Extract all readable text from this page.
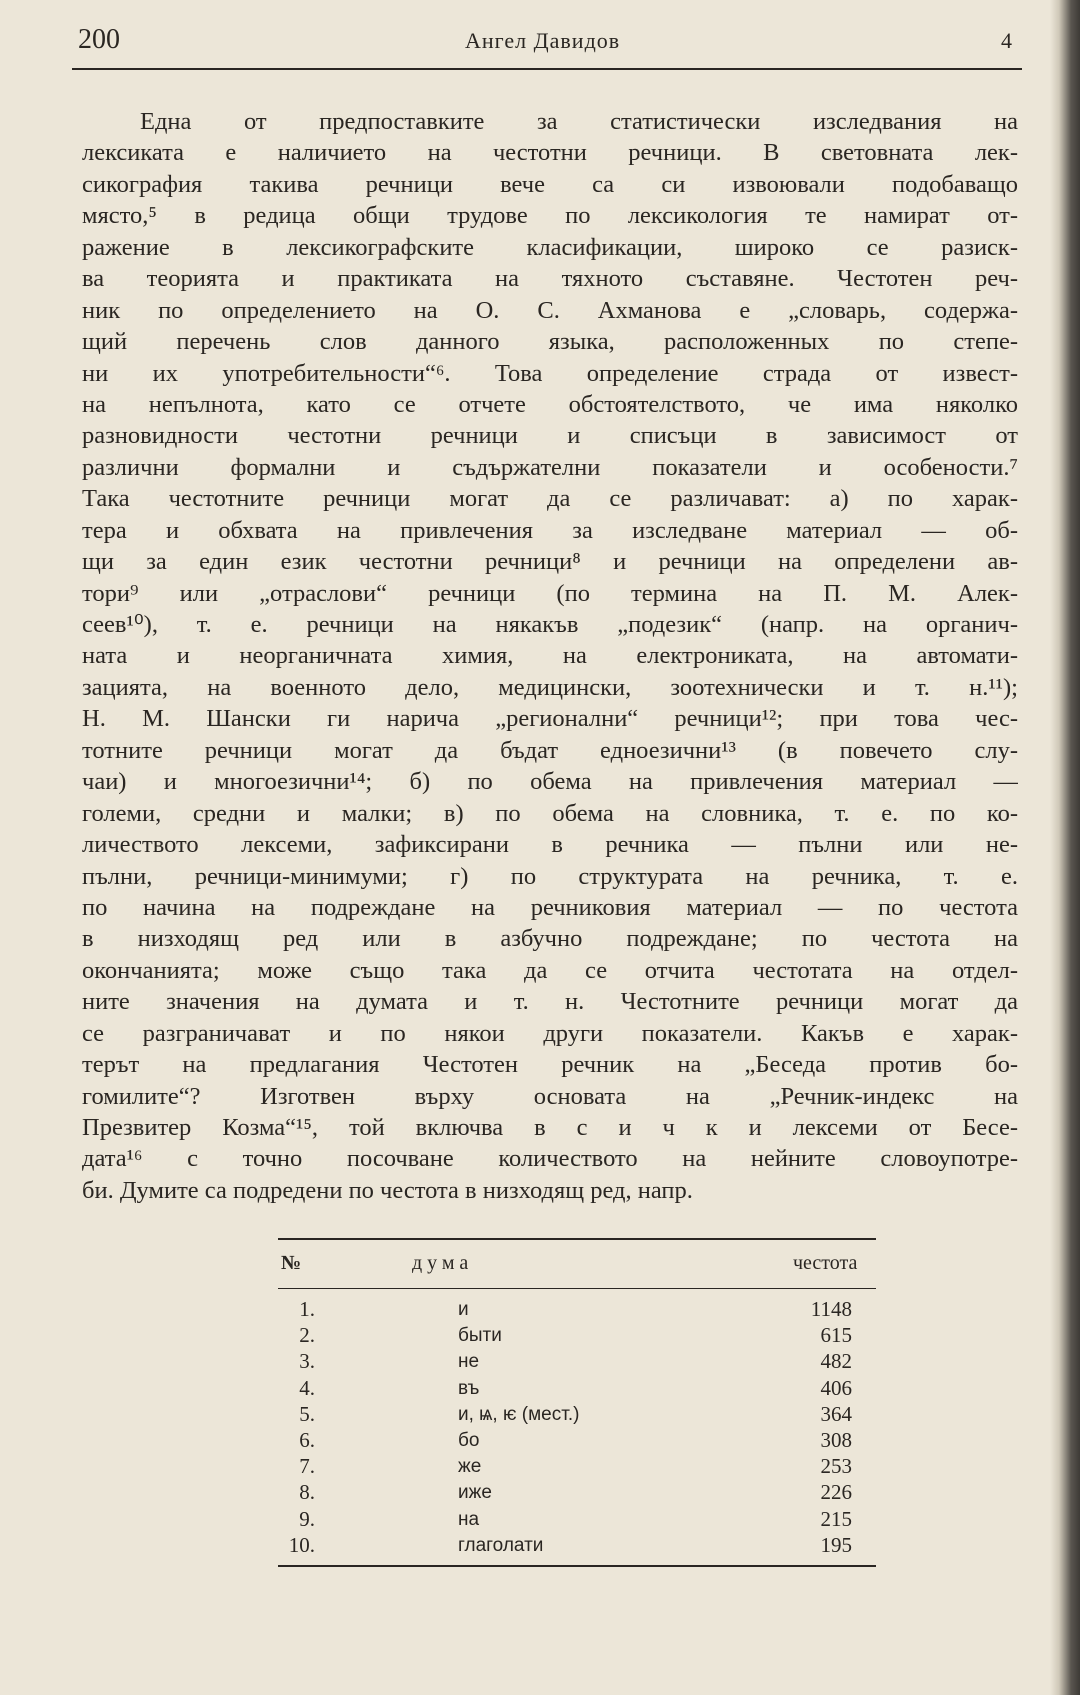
200	Ангел Давидов	4
Една от предпоставките за статистически изследвания на
лексиката е наличието на честотни речници. В световната лек-
сикография такива речници вече са си извоювали подобаващо
място,⁵ в редица общи трудове по лексикология те намират от-
ражение в лексикографските класификации, широко се разиск-
ва теорията и практиката на тяхното съставяне. Честотен реч-
ник по определението на О. С. Ахманова е „словарь, содержа-
щий перечень слов данного языка, расположенных по степе-
ни их употребительности“⁶. Това определение страда от извест-
на непълнота, като се отчете обстоятелството, че има няколко
разновидности честотни речници и списъци в зависимост от
различни формални и съдържателни показатели и особености.⁷
Така честотните речници могат да се различават: а) по харак-
тера и обхвата на привлечения за изследване материал — об-
щи за един език честотни речници⁸ и речници на определени ав-
тори⁹ или „отраслови“ речници (по термина на П. М. Алек-
сеев¹⁰), т. е. речници на някакъв „подезик“ (напр. на органич-
ната и неорганичната химия, на електрониката, на автомати-
зацията, на военното дело, медицински, зоотехнически и т. н.¹¹);
Н. М. Шански ги нарича „регионални“ речници¹²; при това чес-
тотните речници могат да бъдат едноезични¹³ (в повечето слу-
чаи) и многоезични¹⁴; б) по обема на привлечения материал —
големи, средни и малки; в) по обема на словника, т. е. по ко-
личеството лексеми, зафиксирани в речника — пълни или не-
пълни, речници-минимуми; г) по структурата на речника, т. е.
по начина на подреждане на речниковия материал — по честота
в низходящ ред или в азбучно подреждане; по честота на
окончанията; може също така да се отчита честотата на отдел-
ните значения на думата и т. н. Честотните речници могат да
се разграничават и по някои други показатели. Какъв е харак-
терът на предлагания Честотен речник на „Беседа против бо-
гомилите“? Изготвен върху основата на „Речник-индекс на
Презвитер Козма“¹⁵, той включва в с и ч к и лексеми от Бесе-
дата¹⁶ с точно посочване количеството на нейните словоупотре-
би. Думите са подредени по честота в низходящ ред, напр.
№	дума	честота
1.	и	1148
2.	быти	615
3.	не	482
4.	въ	406
5.	и, ѩ, ѥ (мест.)	364
6.	бо	308
7.	же	253
8.	иже	226
9.	на	215
10.	глаголати	195
